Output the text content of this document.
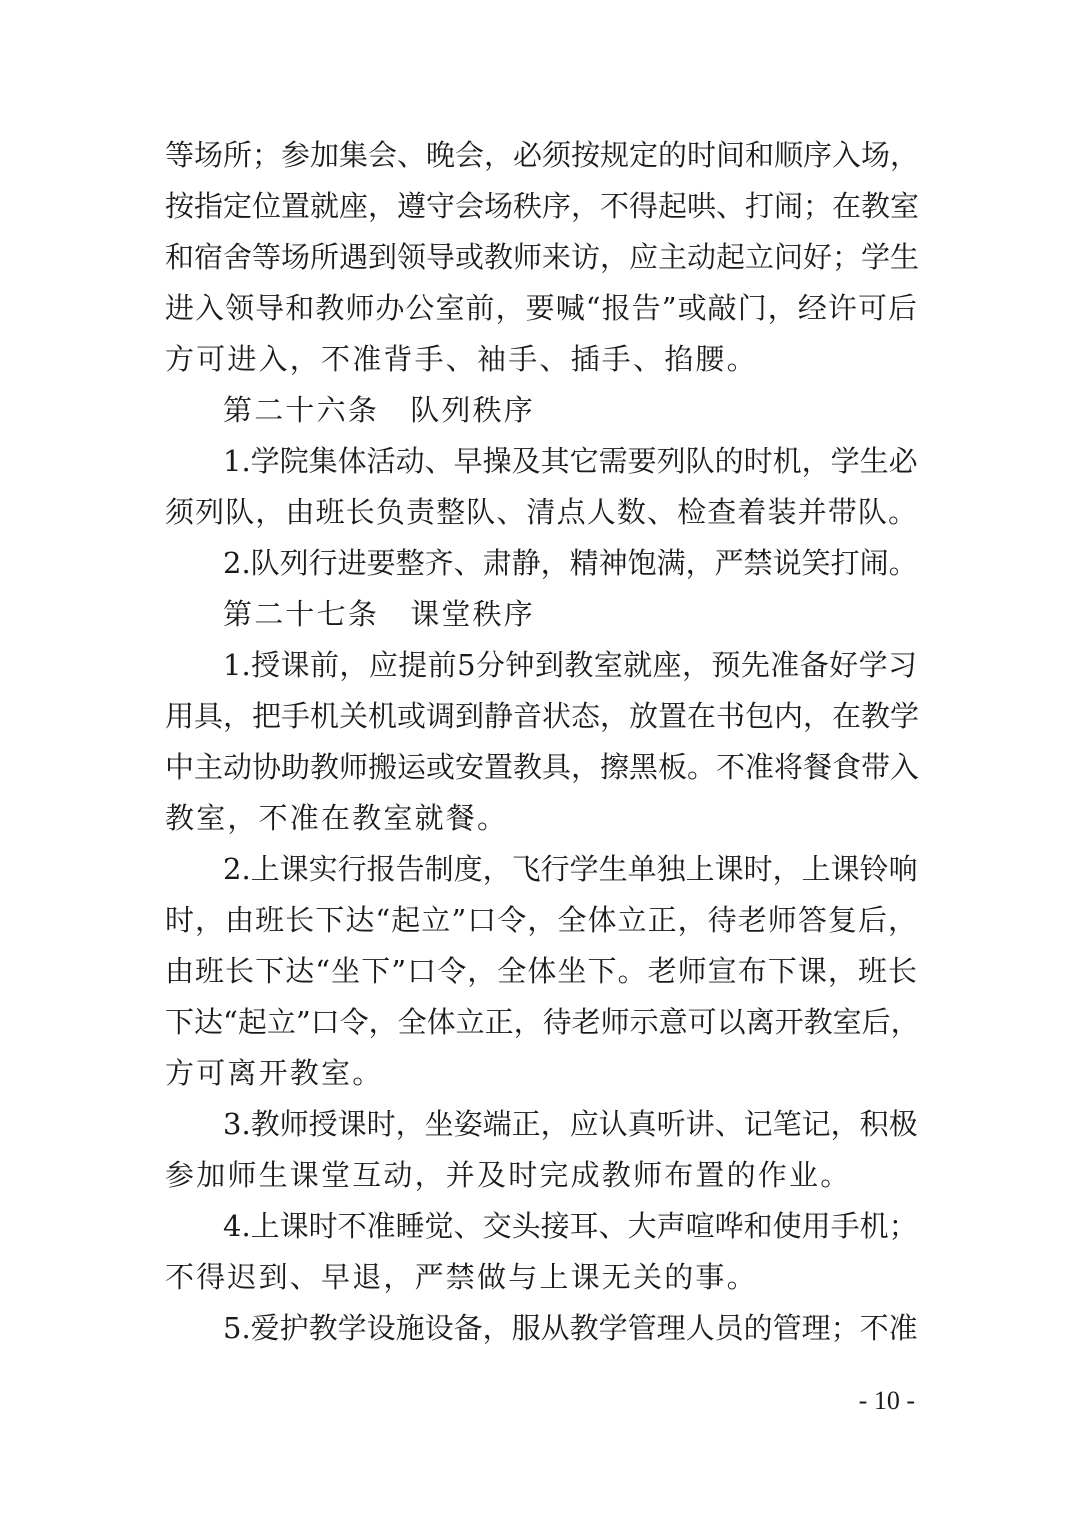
等场所；参加集会、晚会，必须按规定的时间和顺序入场，
按指定位置就座，遵守会场秩序，不得起哄、打闹；在教室
和宿舍等场所遇到领导或教师来访，应主动起立问好；学生
进入领导和教师办公室前，要喊“报告”或敲门，经许可后
方可进入，不准背手、袖手、插手、掐腰。
第二十六条　队列秩序
1.学院集体活动、早操及其它需要列队的时机，学生必
须列队，由班长负责整队、清点人数、检查着装并带队。
2.队列行进要整齐、肃静，精神饱满，严禁说笑打闹。
第二十七条　课堂秩序
1.授课前，应提前5分钟到教室就座，预先准备好学习
用具，把手机关机或调到静音状态，放置在书包内，在教学
中主动协助教师搬运或安置教具，擦黑板。不准将餐食带入
教室，不准在教室就餐。
2.上课实行报告制度，飞行学生单独上课时，上课铃响
时，由班长下达“起立”口令，全体立正，待老师答复后，
由班长下达“坐下”口令，全体坐下。老师宣布下课，班长
下达“起立”口令，全体立正，待老师示意可以离开教室后，
方可离开教室。
3.教师授课时，坐姿端正，应认真听讲、记笔记，积极
参加师生课堂互动，并及时完成教师布置的作业。
4.上课时不准睡觉、交头接耳、大声喧哗和使用手机；
不得迟到、早退，严禁做与上课无关的事。
5.爱护教学设施设备，服从教学管理人员的管理；不准
- 10 -
